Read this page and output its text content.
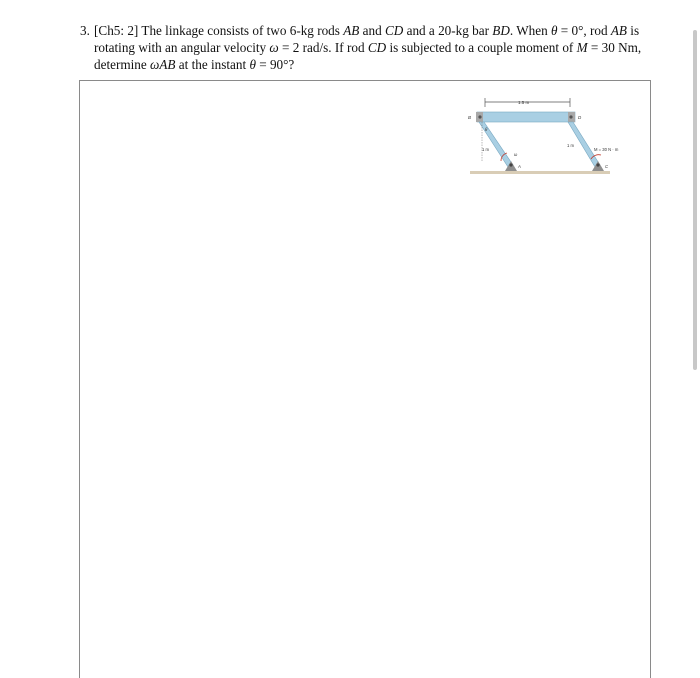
3. [Ch5: 2] The linkage consists of two 6-kg rods AB and CD and a 20-kg bar BD. When θ = 0°, rod AB is
rotating with an angular velocity ω = 2 rad/s. If rod CD is subjected to a couple moment of M = 30 Nm,
determine ωAB at the instant θ = 90°?
1.5 m
B	D
θ
A	C
1 m
1 m
ω
M = 30 N · m
